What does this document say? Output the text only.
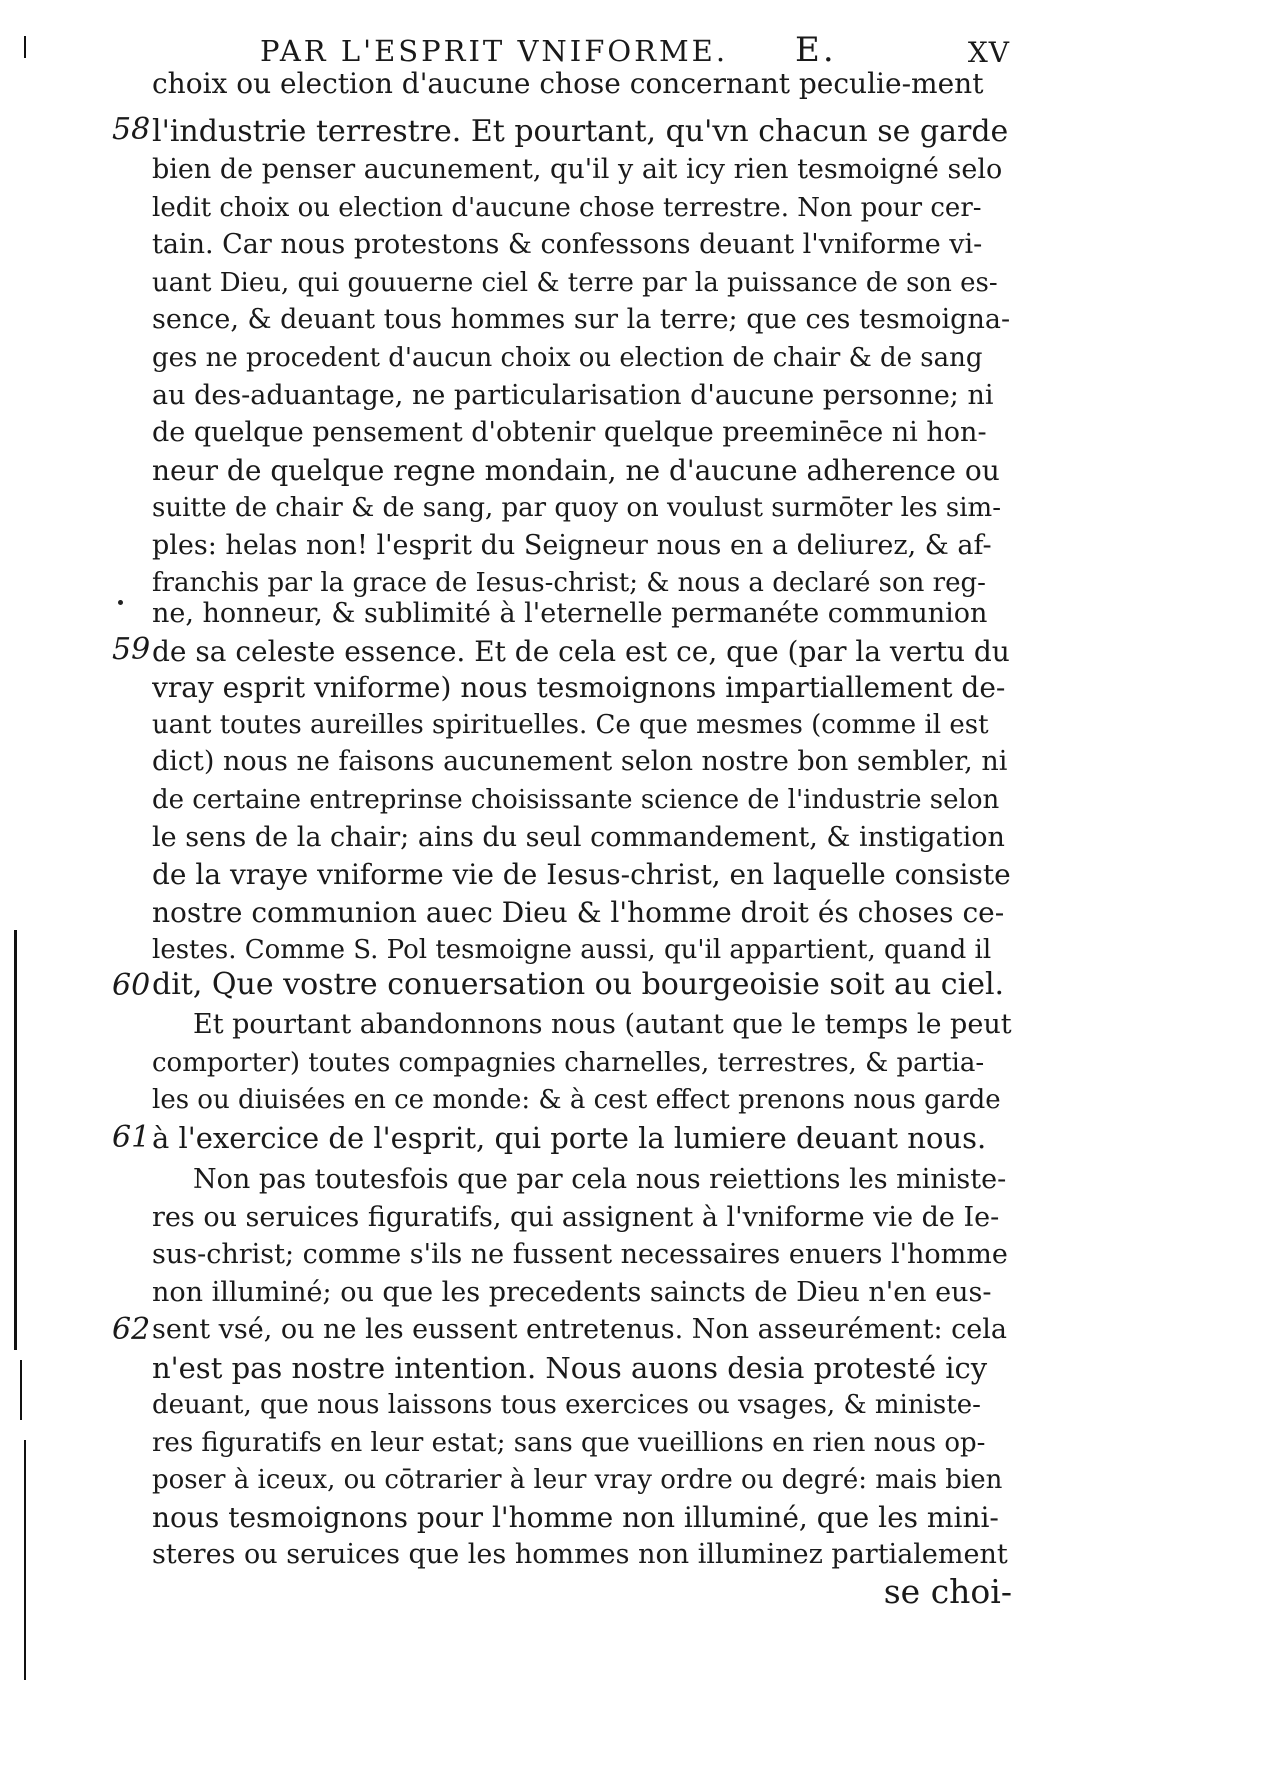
PAR L'ESPRIT VNIFORME. E.	XV
58
59
60
61
62
choix ou election d'aucune chose concernant peculie-ment
l'industrie terrestre. Et pourtant, qu'vn chacun se garde
bien de penser aucunement, qu'il y ait icy rien tesmoigné selo
ledit choix ou election d'aucune chose terrestre. Non pour cer-
tain. Car nous protestons & confessons deuant l'vniforme vi-
uant Dieu, qui gouuerne ciel & terre par la puissance de son es-
sence, & deuant tous hommes sur la terre; que ces tesmoigna-
ges ne procedent d'aucun choix ou election de chair & de sang
au des-aduantage, ne particularisation d'aucune personne; ni
de quelque pensement d'obtenir quelque preeminēce ni hon-
neur de quelque regne mondain, ne d'aucune adherence ou
suitte de chair & de sang, par quoy on voulust surmōter les sim-
ples: helas non! l'esprit du Seigneur nous en a deliurez, & af-
franchis par la grace de Iesus-christ; & nous a declaré son reg-
ne, honneur, & sublimité à l'eternelle permanéte communion
de sa celeste essence. Et de cela est ce, que (par la vertu du
vray esprit vniforme) nous tesmoignons impartiallement de-
uant toutes aureilles spirituelles. Ce que mesmes (comme il est
dict) nous ne faisons aucunement selon nostre bon sembler, ni
de certaine entreprinse choisissante science de l'industrie selon
le sens de la chair; ains du seul commandement, & instigation
de la vraye vniforme vie de Iesus-christ, en laquelle consiste
nostre communion auec Dieu & l'homme droit és choses ce-
lestes. Comme S. Pol tesmoigne aussi, qu'il appartient, quand il
dit, Que vostre conuersation ou bourgeoisie soit au ciel.
Et pourtant abandonnons nous (autant que le temps le peut
comporter) toutes compagnies charnelles, terrestres, & partia-
les ou diuisées en ce monde: & à cest effect prenons nous garde
à l'exercice de l'esprit, qui porte la lumiere deuant nous.
Non pas toutesfois que par cela nous reiettions les ministe-
res ou seruices figuratifs, qui assignent à l'vniforme vie de Ie-
sus-christ; comme s'ils ne fussent necessaires enuers l'homme
non illuminé; ou que les precedents saincts de Dieu n'en eus-
sent vsé, ou ne les eussent entretenus. Non asseurément: cela
n'est pas nostre intention. Nous auons desia protesté icy
deuant, que nous laissons tous exercices ou vsages, & ministe-
res figuratifs en leur estat; sans que vueillions en rien nous op-
poser à iceux, ou cōtrarier à leur vray ordre ou degré: mais bien
nous tesmoignons pour l'homme non illuminé, que les mini-
steres ou seruices que les hommes non illuminez partialement
se choi-
